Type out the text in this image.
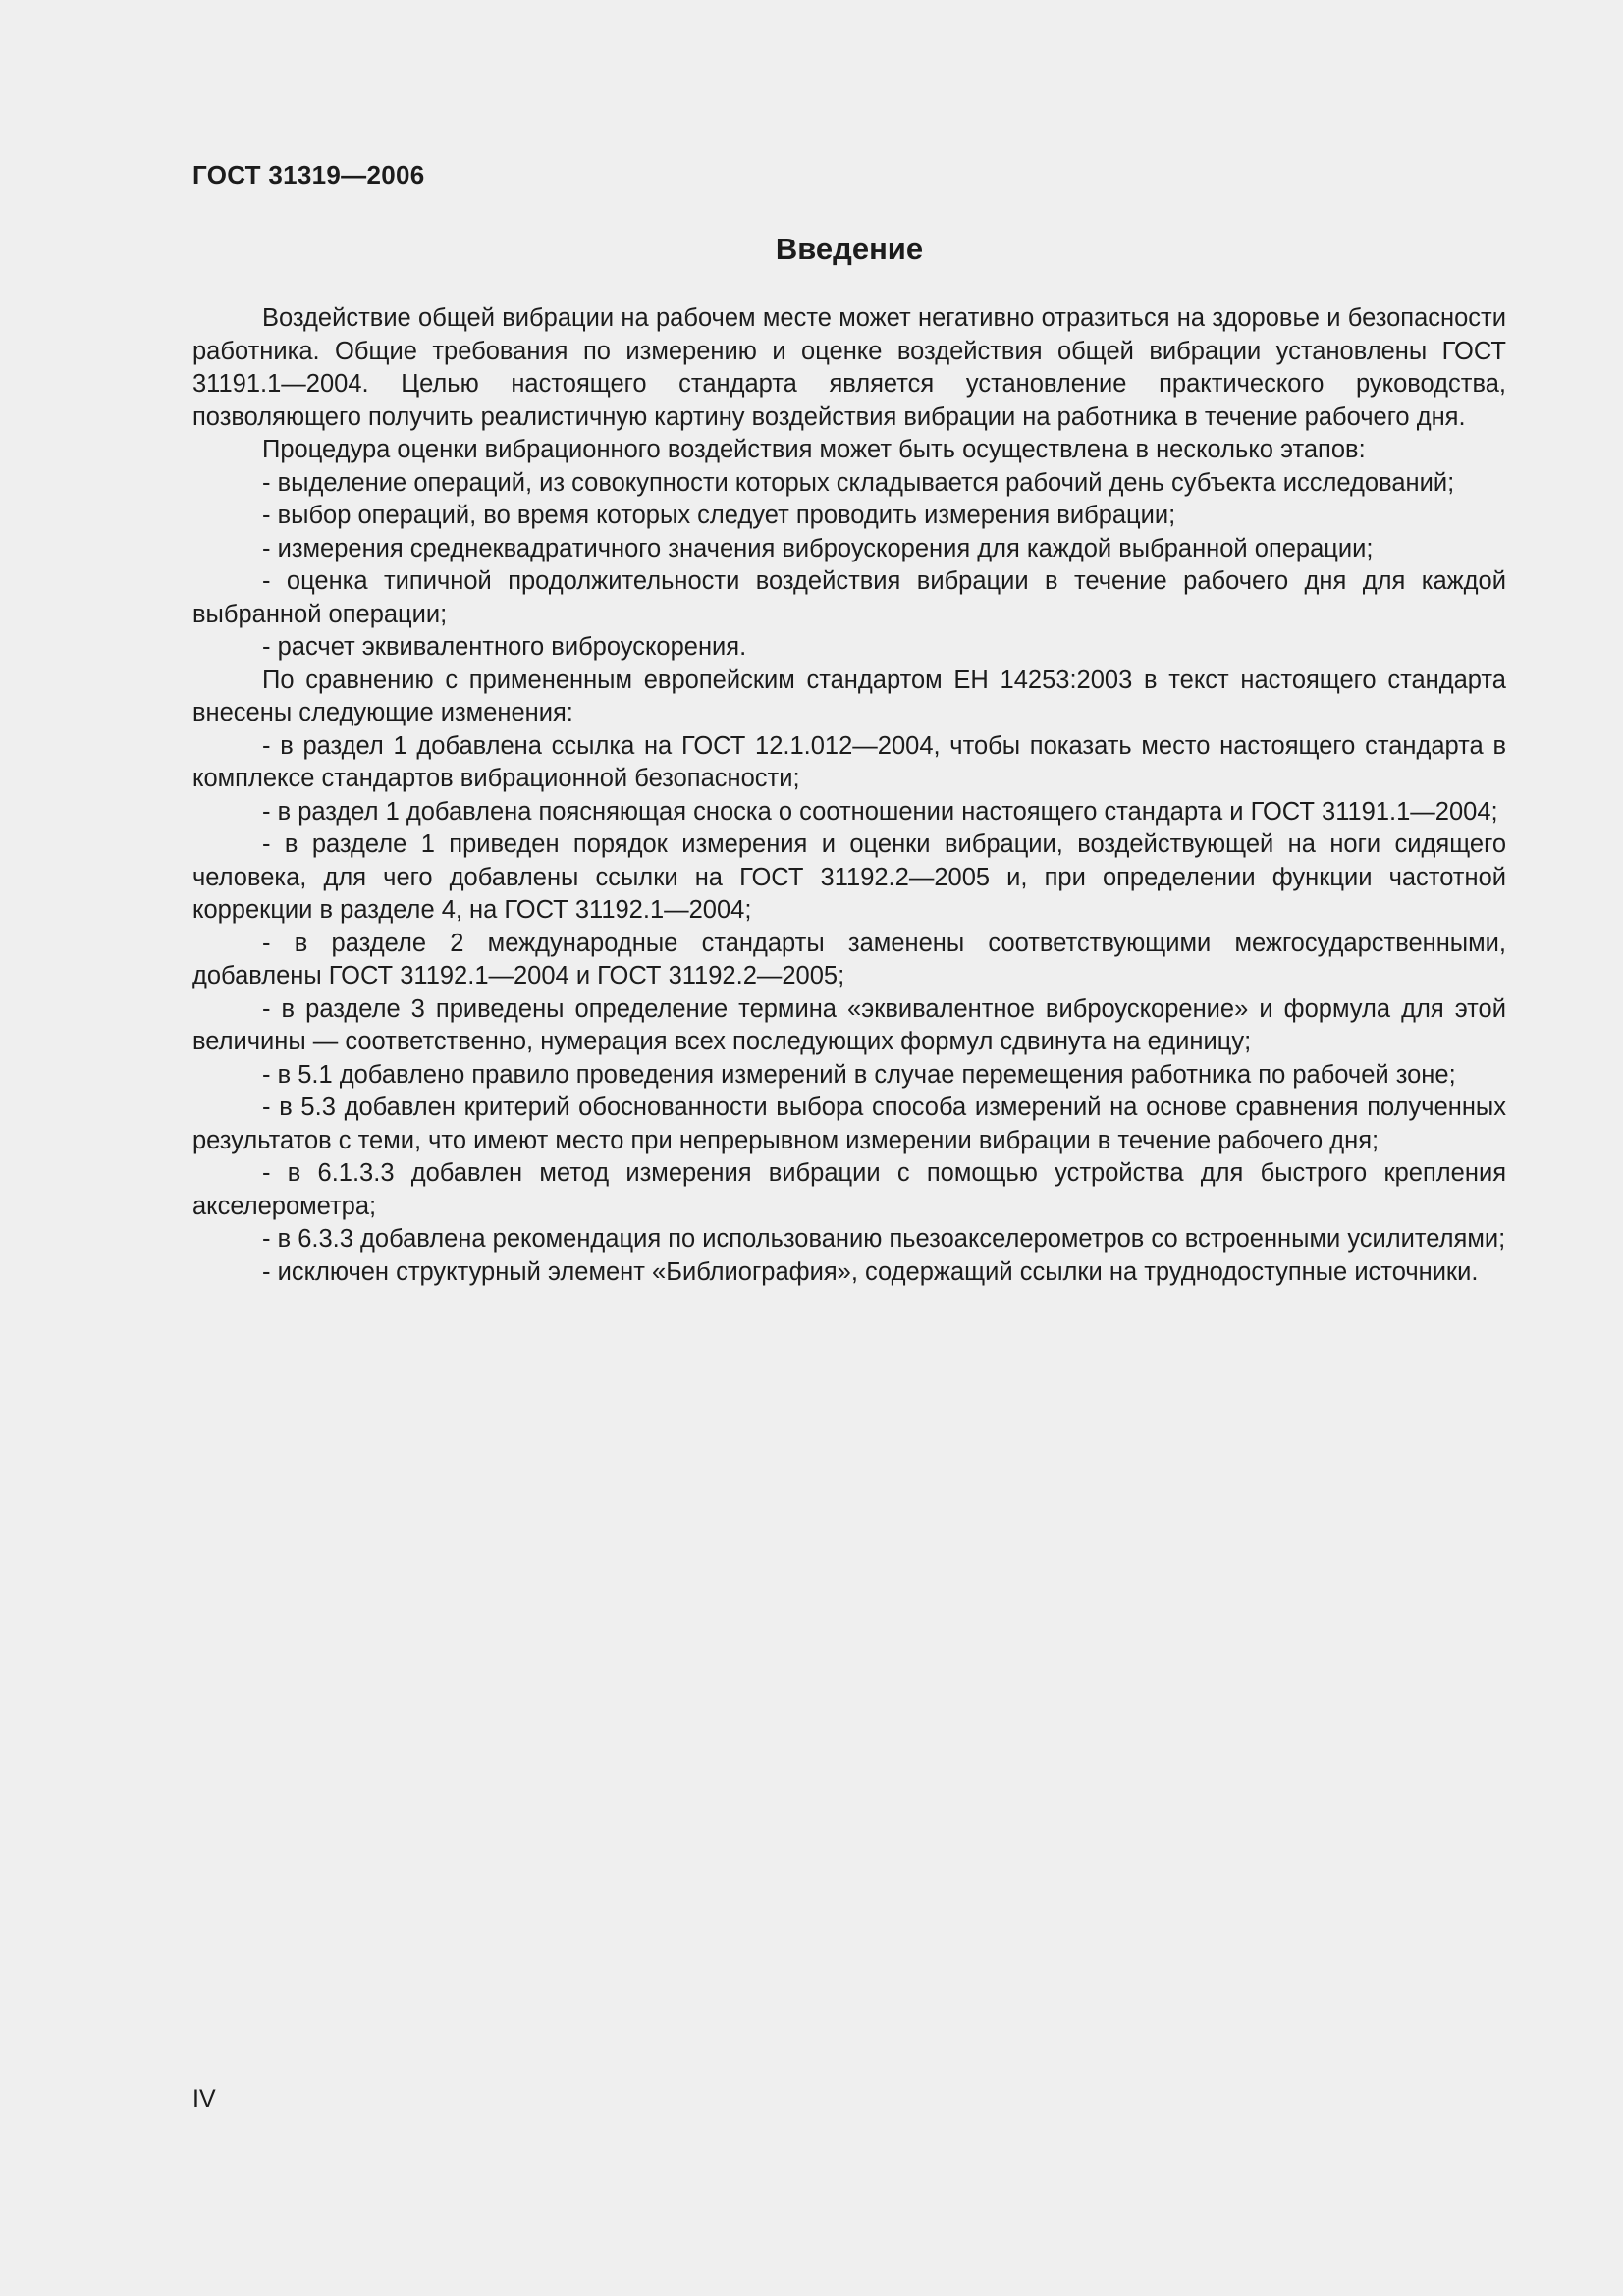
ГОСТ 31319—2006

Введение

Воздействие общей вибрации на рабочем месте может негативно отразиться на здоровье и безопасности работника. Общие требования по измерению и оценке воздействия общей вибрации установлены ГОСТ 31191.1—2004. Целью настоящего стандарта является установление практического руководства, позволяющего получить реалистичную картину воздействия вибрации на работника в течение рабочего дня.

Процедура оценки вибрационного воздействия может быть осуществлена в несколько этапов:

- выделение операций, из совокупности которых складывается рабочий день субъекта исследований;

- выбор операций, во время которых следует проводить измерения вибрации;

- измерения среднеквадратичного значения виброускорения для каждой выбранной операции;

- оценка типичной продолжительности воздействия вибрации в течение рабочего дня для каждой выбранной операции;

- расчет эквивалентного виброускорения.

По сравнению с примененным европейским стандартом ЕН 14253:2003 в текст настоящего стандарта внесены следующие изменения:

- в раздел 1 добавлена ссылка на ГОСТ 12.1.012—2004, чтобы показать место настоящего стандарта в комплексе стандартов вибрационной безопасности;

- в раздел 1 добавлена поясняющая сноска о соотношении настоящего стандарта и ГОСТ 31191.1—2004;

- в разделе 1 приведен порядок измерения и оценки вибрации, воздействующей на ноги сидящего человека, для чего добавлены ссылки на ГОСТ 31192.2—2005 и, при определении функции частотной коррекции в разделе 4, на ГОСТ 31192.1—2004;

- в разделе 2 международные стандарты заменены соответствующими межгосударственными, добавлены ГОСТ 31192.1—2004 и ГОСТ 31192.2—2005;

- в разделе 3 приведены определение термина «эквивалентное виброускорение» и формула для этой величины — соответственно, нумерация всех последующих формул сдвинута на единицу;

- в 5.1 добавлено правило проведения измерений в случае перемещения работника по рабочей зоне;

- в 5.3 добавлен критерий обоснованности выбора способа измерений на основе сравнения полученных результатов с теми, что имеют место при непрерывном измерении вибрации в течение рабочего дня;

- в 6.1.3.3 добавлен метод измерения вибрации с помощью устройства для быстрого крепления акселерометра;

- в 6.3.3 добавлена рекомендация по использованию пьезоакселерометров со встроенными усилителями;

- исключен структурный элемент «Библиография», содержащий ссылки на труднодоступные источники.

IV
